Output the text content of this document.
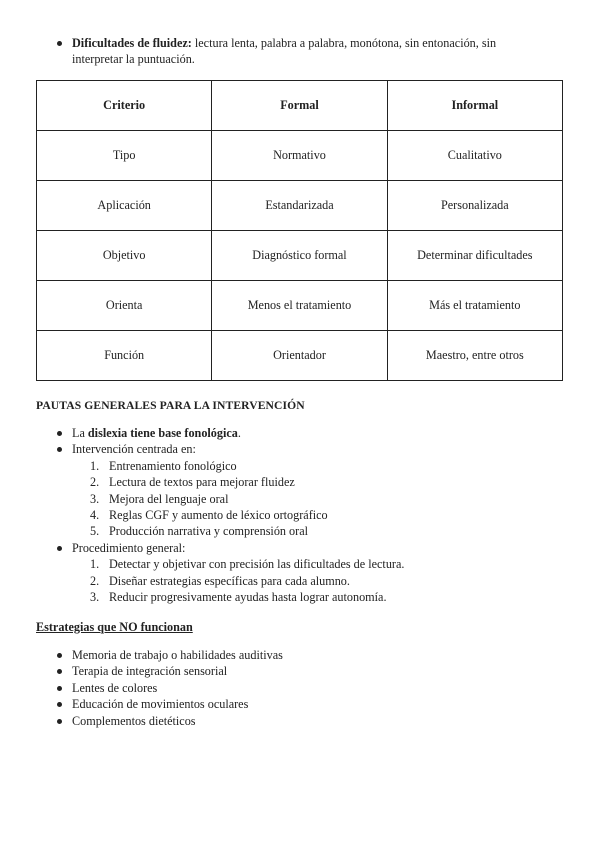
Dificultades de fluidez: lectura lenta, palabra a palabra, monótona, sin entonación, sin
interpretar la puntuación.
Criterio	Formal	Informal
Tipo	Normativo	Cualitativo
Aplicación	Estandarizada	Personalizada
Objetivo	Diagnóstico formal	Determinar dificultades
Orienta	Menos el tratamiento	Más el tratamiento
Función	Orientador	Maestro, entre otros
PAUTAS GENERALES PARA LA INTERVENCIÓN
La dislexia tiene base fonológica.
Intervención centrada en:
1. Entrenamiento fonológico
2. Lectura de textos para mejorar fluidez
3. Mejora del lenguaje oral
4. Reglas CGF y aumento de léxico ortográfico
5. Producción narrativa y comprensión oral
Procedimiento general:
1. Detectar y objetivar con precisión las dificultades de lectura.
2. Diseñar estrategias específicas para cada alumno.
3. Reducir progresivamente ayudas hasta lograr autonomía.
Estrategias que NO funcionan
Memoria de trabajo o habilidades auditivas
Terapia de integración sensorial
Lentes de colores
Educación de movimientos oculares
Complementos dietéticos
